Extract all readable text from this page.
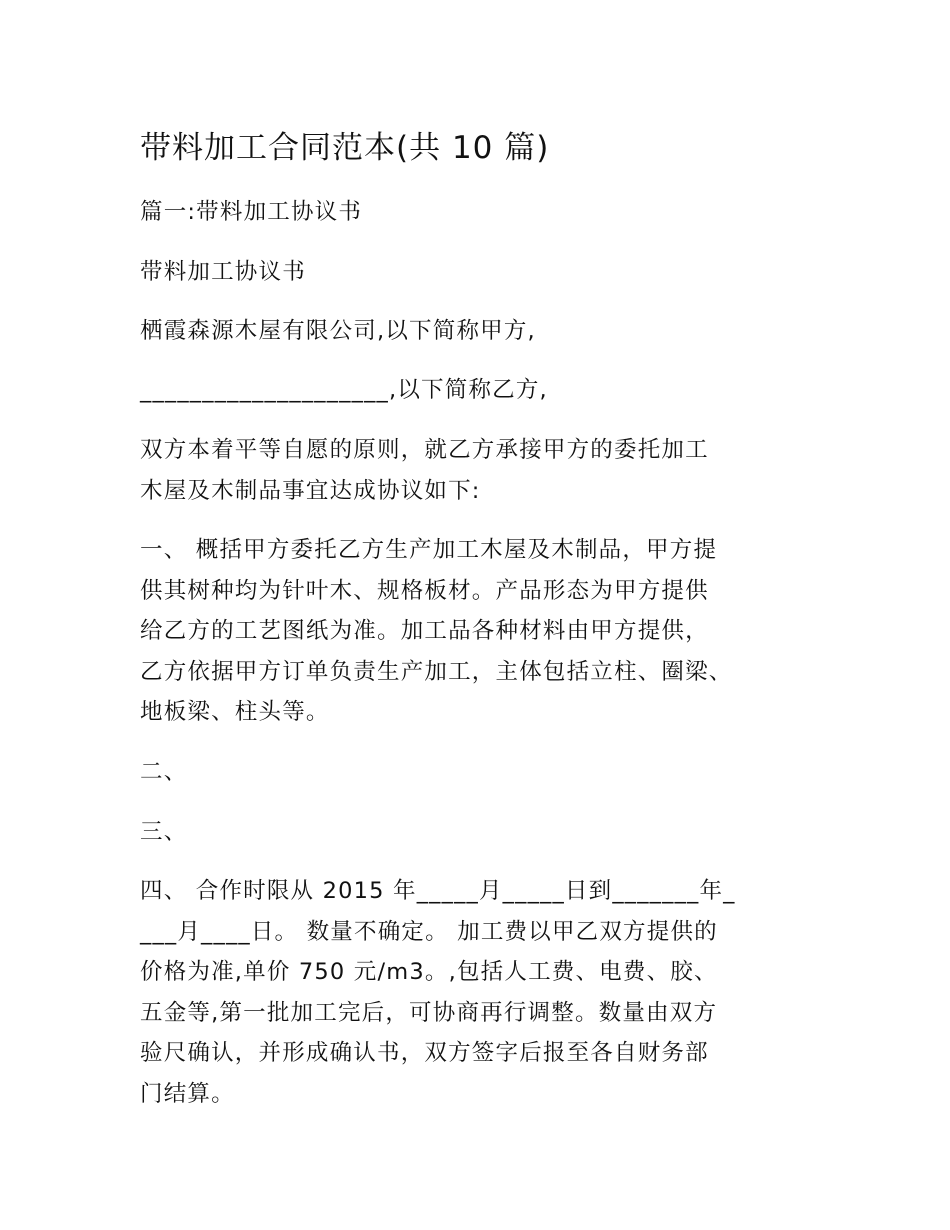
带料加工合同范本(共 10 篇)
篇一:带料加工协议书
带料加工协议书
栖霞森源木屋有限公司,以下简称甲方,
____________________,以下简称乙方,
双方本着平等自愿的原则，就乙方承接甲方的委托加工
木屋及木制品事宜达成协议如下:
一、 概括甲方委托乙方生产加工木屋及木制品，甲方提
供其树种均为针叶木、规格板材。产品形态为甲方提供
给乙方的工艺图纸为准。加工品各种材料由甲方提供，
乙方依据甲方订单负责生产加工，主体包括立柱、圈梁、
地板梁、柱头等。
二、
三、
四、 合作时限从 2015 年_____月_____日到_______年_
___月____日。 数量不确定。 加工费以甲乙双方提供的
价格为准,单价 750 元/m3。,包括人工费、电费、胶、
五金等,第一批加工完后，可协商再行调整。数量由双方
验尺确认，并形成确认书，双方签字后报至各自财务部
门结算。
